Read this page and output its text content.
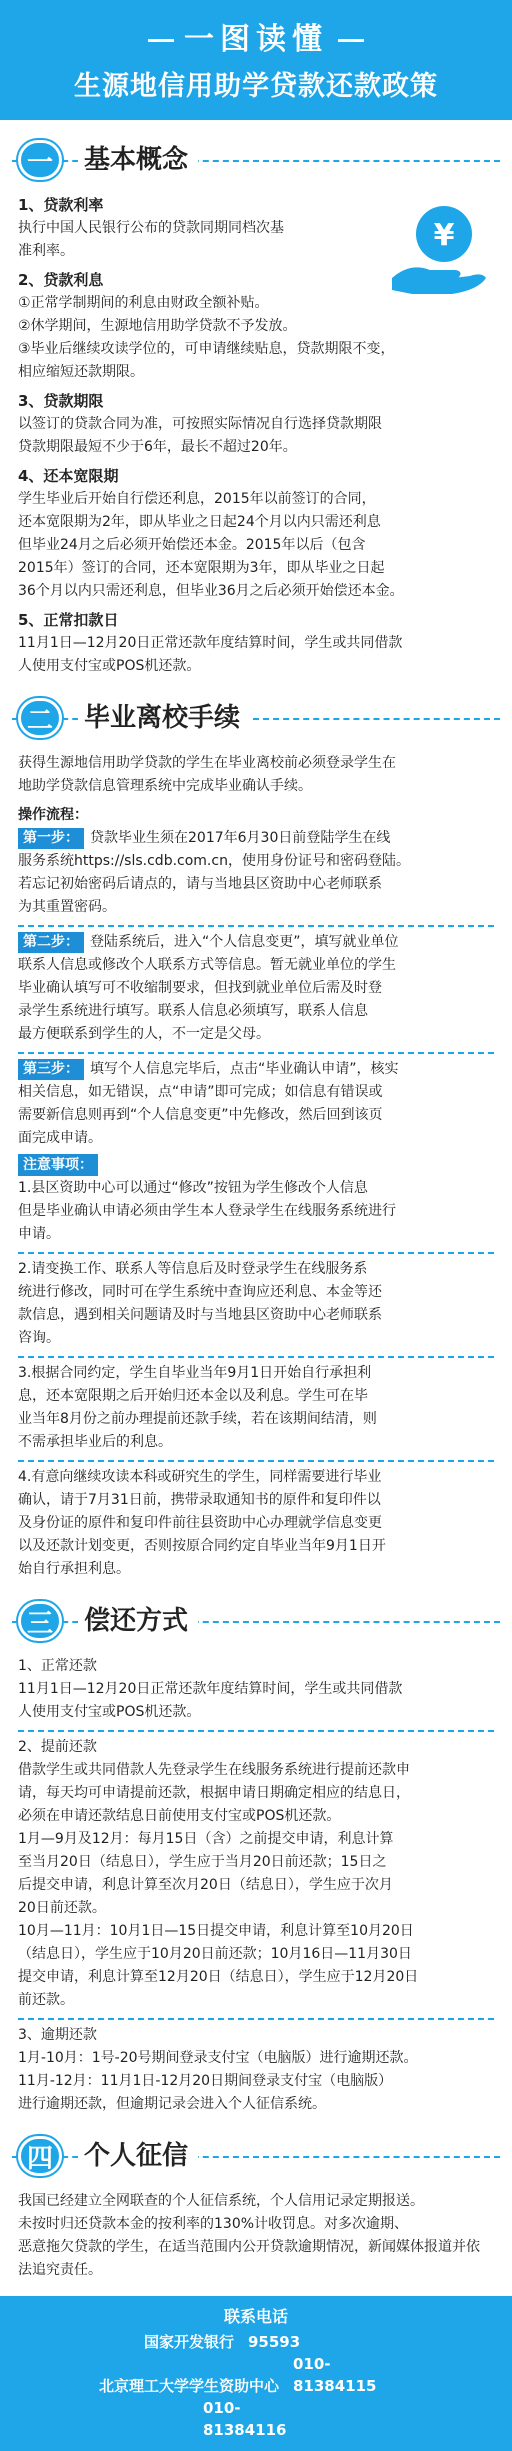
一图读懂
生源地信用助学贷款还款政策
一	基本概念
¥

1、贷款利率

执行中国人民银行公布的贷款同期同档次基

准利率。

2、贷款利息

①正常学制期间的利息由财政全额补贴。

②休学期间，生源地信用助学贷款不予发放。

③毕业后继续攻读学位的，可申请继续贴息，贷款期限不变，

相应缩短还款期限。

3、贷款期限

以签订的贷款合同为准，可按照实际情况自行选择贷款期限

贷款期限最短不少于6年，最长不超过20年。

4、还本宽限期

学生毕业后开始自行偿还利息，2015年以前签订的合同，

还本宽限期为2年，即从毕业之日起24个月以内只需还利息

但毕业24月之后必须开始偿还本金。2015年以后（包含

2015年）签订的合同，还本宽限期为3年，即从毕业之日起

36个月以内只需还利息，但毕业36月之后必须开始偿还本金。

5、正常扣款日

11月1日—12月20日正常还款年度结算时间，学生或共同借款

人使用支付宝或POS机还款。

二	毕业离校手续

获得生源地信用助学贷款的学生在毕业离校前必须登录学生在

地助学贷款信息管理系统中完成毕业确认手续。

操作流程：

第一步： 贷款毕业生须在2017年6月30日前登陆学生在线

服务系统https://sls.cdb.com.cn，使用身份证号和密码登陆。

若忘记初始密码后请点的，请与当地县区资助中心老师联系

为其重置密码。

第二步： 登陆系统后，进入“个人信息变更”，填写就业单位

联系人信息或修改个人联系方式等信息。暂无就业单位的学生

毕业确认填写可不收缩制要求，但找到就业单位后需及时登

录学生系统进行填写。联系人信息必须填写，联系人信息

最方便联系到学生的人，不一定是父母。

第三步： 填写个人信息完毕后，点击“毕业确认申请”，核实

相关信息，如无错误，点“申请”即可完成；如信息有错误或

需要新信息则再到“个人信息变更”中先修改，然后回到该页

面完成申请。

注意事项：

1.县区资助中心可以通过“修改”按钮为学生修改个人信息

但是毕业确认申请必须由学生本人登录学生在线服务系统进行

申请。

2.请变换工作、联系人等信息后及时登录学生在线服务系

统进行修改，同时可在学生系统中查询应还利息、本金等还

款信息，遇到相关问题请及时与当地县区资助中心老师联系

咨询。

3.根据合同约定，学生自毕业当年9月1日开始自行承担利

息，还本宽限期之后开始归还本金以及利息。学生可在毕

业当年8月份之前办理提前还款手续，若在该期间结清，则

不需承担毕业后的利息。

4.有意向继续攻读本科或研究生的学生，同样需要进行毕业

确认，请于7月31日前，携带录取通知书的原件和复印件以

及身份证的原件和复印件前往县资助中心办理就学信息变更

以及还款计划变更，否则按原合同约定自毕业当年9月1日开

始自行承担利息。

三	偿还方式

1、正常还款

11月1日—12月20日正常还款年度结算时间，学生或共同借款

人使用支付宝或POS机还款。

2、提前还款

借款学生或共同借款人先登录学生在线服务系统进行提前还款申

请，每天均可申请提前还款，根据申请日期确定相应的结息日，

必须在申请还款结息日前使用支付宝或POS机还款。

1月—9月及12月：每月15日（含）之前提交申请，利息计算

至当月20日（结息日），学生应于当月20日前还款；15日之

后提交申请，利息计算至次月20日（结息日），学生应于次月

20日前还款。

10月—11月：10月1日—15日提交申请，利息计算至10月20日

（结息日），学生应于10月20日前还款；10月16日—11月30日

提交申请，利息计算至12月20日（结息日），学生应于12月20日

前还款。

3、逾期还款

1月-10月：1号-20号期间登录支付宝（电脑版）进行逾期还款。

11月-12月：11月1日-12月20日期间登录支付宝（电脑版）

进行逾期还款，但逾期记录会进入个人征信系统。

四	个人征信

我国已经建立全网联查的个人征信系统，个人信用记录定期报送。

未按时归还贷款本金的按利率的130%计收罚息。对多次逾期、

恶意拖欠贷款的学生，在适当范围内公开贷款逾期情况，新闻媒体报道并依

法追究责任。

联系电话
国家开发银行 95593
北京理工大学学生资助中心010-81384115
010-81384116
